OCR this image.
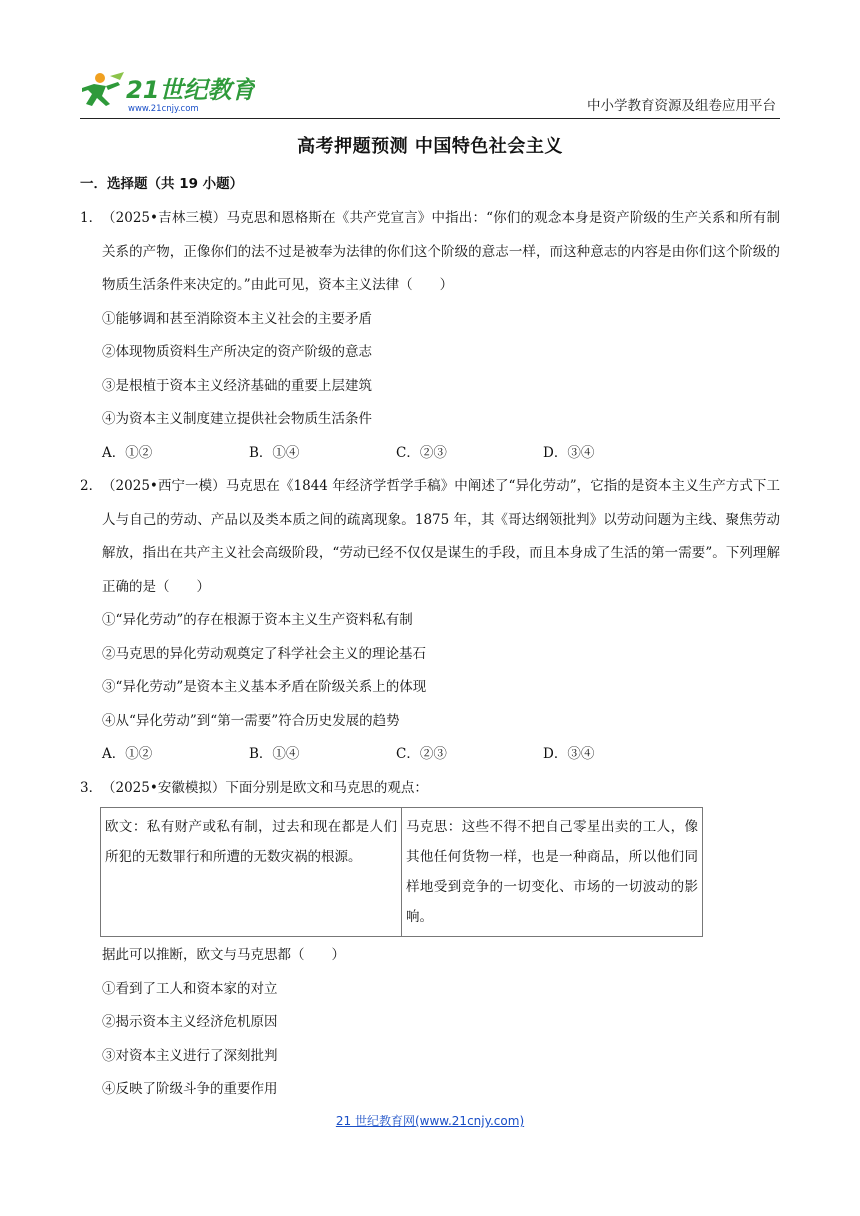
21世纪教育
www.21cnjy.com	中小学教育资源及组卷应用平台
高考押题预测 中国特色社会主义
一．选择题（共 19 小题）
1． （2025•吉林三模）马克思和恩格斯在《共产党宣言》中指出：“你们的观念本身是资产阶级的生产关系和所有制关系的产物，正像你们的法不过是被奉为法律的你们这个阶级的意志一样，而这种意志的内容是由你们这个阶级的物质生活条件来决定的。”由此可见，资本主义法律（　　）
①能够调和甚至消除资本主义社会的主要矛盾
②体现物质资料生产所决定的资产阶级的意志
③是根植于资本主义经济基础的重要上层建筑
④为资本主义制度建立提供社会物质生活条件
A．①②	B．①④	C．②③	D．③④
2． （2025•西宁一模）马克思在《1844 年经济学哲学手稿》中阐述了“异化劳动”，它指的是资本主义生产方式下工人与自己的劳动、产品以及类本质之间的疏离现象。1875 年，其《哥达纲领批判》以劳动问题为主线、聚焦劳动解放，指出在共产主义社会高级阶段，“劳动已经不仅仅是谋生的手段，而且本身成了生活的第一需要”。下列理解正确的是（　　）
①“异化劳动”的存在根源于资本主义生产资料私有制
②马克思的异化劳动观奠定了科学社会主义的理论基石
③“异化劳动”是资本主义基本矛盾在阶级关系上的体现
④从“异化劳动”到“第一需要”符合历史发展的趋势
A．①②	B．①④	C．②③	D．③④
3． （2025•安徽模拟）下面分别是欧文和马克思的观点：
欧文：私有财产或私有制，过去和现在都是人们所犯的无数罪行和所遭的无数灾祸的根源。	马克思：这些不得不把自己零星出卖的工人，像其他任何货物一样，也是一种商品，所以他们同样地受到竞争的一切变化、市场的一切波动的影响。
据此可以推断，欧文与马克思都（　　）
①看到了工人和资本家的对立
②揭示资本主义经济危机原因
③对资本主义进行了深刻批判
④反映了阶级斗争的重要作用
21 世纪教育网(www.21cnjy.com)
